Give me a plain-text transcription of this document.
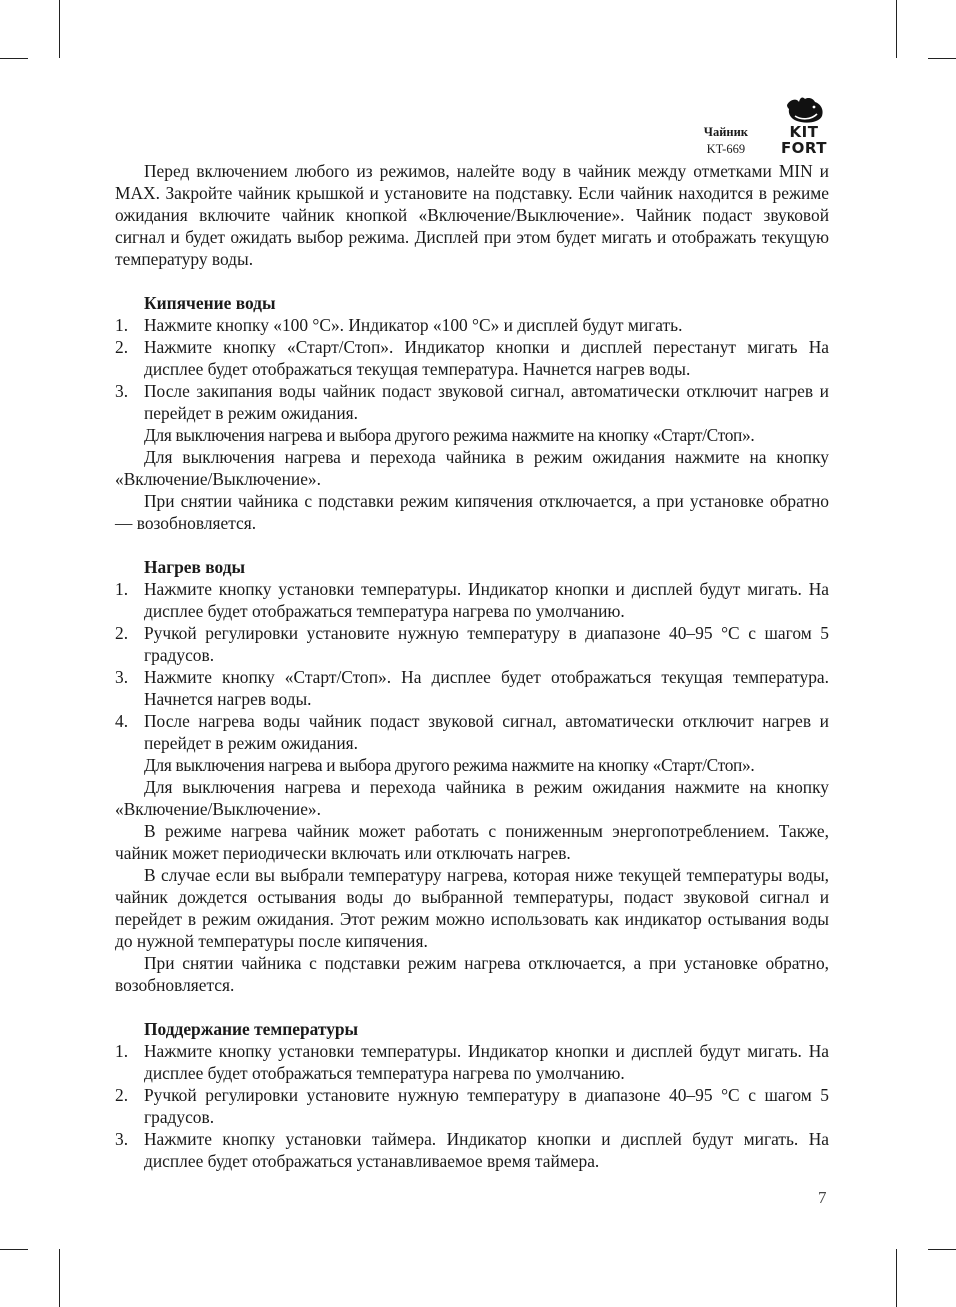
Чайник
KT-669
KIT
FORT

Перед включением любого из режимов, налейте воду в чайник между отметками MIN и MAX. Закройте чайник крышкой и установите на подставку. Если чайник находится в режиме ожидания включите чайник кнопкой «Включение/Выключение». Чайник подаст звуковой сигнал и будет ожидать выбор режима. Дисплей при этом будет мигать и отображать текущую температуру воды.

Кипячение воды
1. Нажмите кнопку «100 °С». Индикатор «100 °С» и дисплей будут мигать.
2. Нажмите кнопку «Старт/Стоп». Индикатор кнопки и дисплей перестанут мигать На дисплее будет отображаться текущая температура. Начнется нагрев воды.
3. После закипания воды чайник подаст звуковой сигнал, автоматически отключит нагрев и перейдет в режим ожидания.

Для выключения нагрева и выбора другого режима нажмите на кнопку «Старт/Стоп».

Для выключения нагрева и перехода чайника в режим ожидания нажмите на кнопку «Включение/Выключение».

При снятии чайника с подставки режим кипячения отключается, а при установке обратно — возобновляется.

Нагрев воды
1. Нажмите кнопку установки температуры. Индикатор кнопки и дисплей будут мигать. На дисплее будет отображаться температура нагрева по умолчанию.
2. Ручкой регулировки установите нужную температуру в диапазоне 40–95 °С с шагом 5 градусов.
3. Нажмите кнопку «Старт/Стоп». На дисплее будет отображаться текущая температура. Начнется нагрев воды.
4. После нагрева воды чайник подаст звуковой сигнал, автоматически отключит нагрев и перейдет в режим ожидания.

Для выключения нагрева и выбора другого режима нажмите на кнопку «Старт/Стоп».

Для выключения нагрева и перехода чайника в режим ожидания нажмите на кнопку «Включение/Выключение».

В режиме нагрева чайник может работать с пониженным энергопотреблением. Также, чайник может периодически включать или отключать нагрев.

В случае если вы выбрали температуру нагрева, которая ниже текущей температуры воды, чайник дождется остывания воды до выбранной температуры, подаст звуковой сигнал и перейдет в режим ожидания. Этот режим можно использовать как индикатор остывания воды до нужной температуры после кипячения.

При снятии чайника с подставки режим нагрева отключается, а при установке обратно, возобновляется.

Поддержание температуры
1. Нажмите кнопку установки температуры. Индикатор кнопки и дисплей будут мигать. На дисплее будет отображаться температура нагрева по умолчанию.
2. Ручкой регулировки установите нужную температуру в диапазоне 40–95 °С с шагом 5 градусов.
3. Нажмите кнопку установки таймера. Индикатор кнопки и дисплей будут мигать. На дисплее будет отображаться устанавливаемое время таймера.
7
